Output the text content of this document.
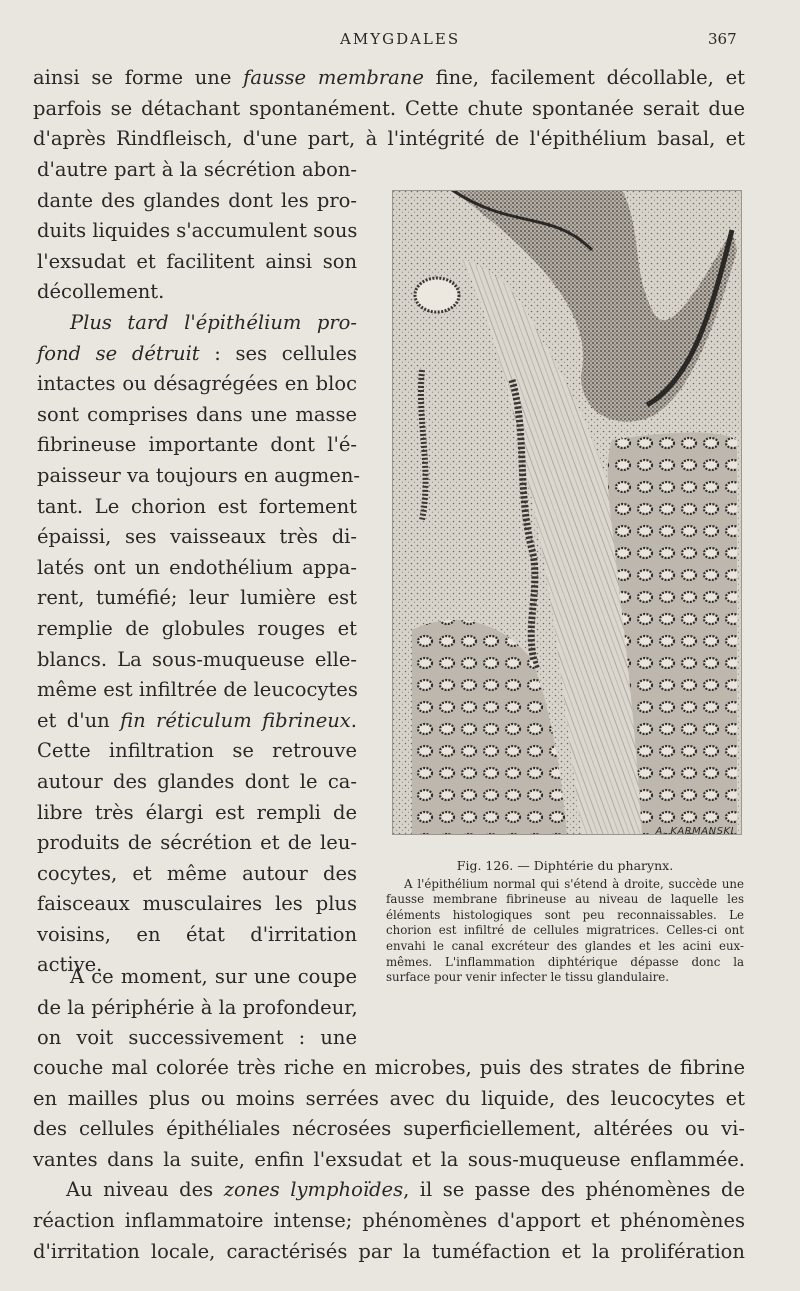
AMYGDALES	367
ainsi se forme une fausse membrane fine, facilement décollable, et
parfois se détachant spontanément. Cette chute spontanée serait due
d'après Rindfleisch, d'une part, à l'intégrité de l'épithélium basal, et
d'autre part à la sécrétion abon-
dante des glandes dont les pro-
duits liquides s'accumulent sous
l'exsudat et facilitent ainsi son
décollement.
Plus tard l'épithélium pro-
fond se détruit : ses cellules
intactes ou désagrégées en bloc
sont comprises dans une masse
fibrineuse importante dont l'é-
paisseur va toujours en augmen-
tant. Le chorion est fortement
épaissi, ses vaisseaux très di-
latés ont un endothélium appa-
rent, tuméfié; leur lumière est
remplie de globules rouges et
blancs. La sous-muqueuse elle-
même est infiltrée de leucocytes
et d'un fin réticulum fibrineux.
Cette infiltration se retrouve
autour des glandes dont le ca-
libre très élargi est rempli de
produits de sécrétion et de leu-
cocytes, et même autour des
faisceaux musculaires les plus
voisins, en état d'irritation
active.
A ce moment, sur une coupe
de la périphérie à la profondeur,
on voit successivement : une
couche mal colorée très riche en microbes, puis des strates de fibrine
en mailles plus ou moins serrées avec du liquide, des leucocytes et
des cellules épithéliales nécrosées superficiellement, altérées ou vi-
vantes dans la suite, enfin l'exsudat et la sous-muqueuse enflammée.
Au niveau des zones lymphoïdes, il se passe des phénomènes de
réaction inflammatoire intense; phénomènes d'apport et phénomènes
d'irritation locale, caractérisés par la tuméfaction et la prolifération
A. KARMANSKI
Fig. 126. — Diphtérie du pharynx.
A l'épithélium normal qui s'étend à droite, succède une fausse membrane fibrineuse au niveau de laquelle les éléments histologiques sont peu reconnaissables. Le chorion est infiltré de cellules migratrices. Celles-ci ont envahi le canal excréteur des glandes et les acini eux-mêmes. L'inflammation diphtérique dépasse donc la surface pour venir infecter le tissu glandulaire.
